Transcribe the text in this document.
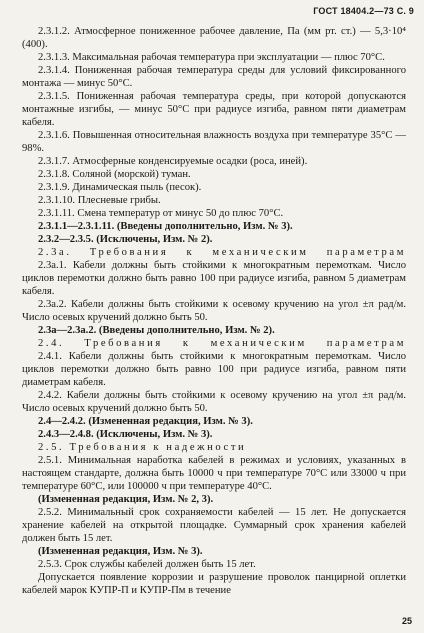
ГОСТ 18404.2—73 С. 9

2.3.1.2. Атмосферное пониженное рабочее давление, Па (мм рт. ст.) — 5,3·10⁴ (400).

2.3.1.3. Максимальная рабочая температура при эксплуатации — плюс 70°С.

2.3.1.4. Пониженная рабочая температура среды для условий фиксированного монтажа — минус 50°С.

2.3.1.5. Пониженная рабочая температура среды, при которой допускаются монтажные изгибы, — минус 50°С при радиусе изгиба, равном пяти диаметрам кабеля.

2.3.1.6. Повышенная относительная влажность воздуха при температуре 35°С — 98%.

2.3.1.7. Атмосферные конденсируемые осадки (роса, иней).

2.3.1.8. Соляной (морской) туман.

2.3.1.9. Динамическая пыль (песок).

2.3.1.10. Плесневые грибы.

2.3.1.11. Смена температур от минус 50 до плюс 70°С.

2.3.1.1—2.3.1.11. (Введены дополнительно, Изм. № 3).

2.3.2—2.3.5. (Исключены, Изм. № 2).

2.3а. Требования к механическим параметрам

2.3а.1. Кабели должны быть стойкими к многократным перемоткам. Число циклов перемотки должно быть равно 100 при радиусе изгиба, равном 5 диаметрам кабеля.

2.3а.2. Кабели должны быть стойкими к осевому кручению на угол ±π рад/м. Число осевых кручений должно быть 50.

2.3а—2.3а.2. (Введены дополнительно, Изм. № 2).

2.4. Требования к механическим параметрам

2.4.1. Кабели должны быть стойкими к многократным перемоткам. Число циклов перемотки должно быть равно 100 при радиусе изгиба, равном пяти диаметрам кабеля.

2.4.2. Кабели должны быть стойкими к осевому кручению на угол ±π рад/м. Число осевых кручений должно быть 50.

2.4—2.4.2. (Измененная редакция, Изм. № 3).

2.4.3—2.4.8. (Исключены, Изм. № 3).

2.5. Требования к надежности

2.5.1. Минимальная наработка кабелей в режимах и условиях, указанных в настоящем стандарте, должна быть 10000 ч при температуре 70°С или 33000 ч при температуре 60°С, или 100000 ч при температуре 40°С.

(Измененная редакция, Изм. № 2, 3).

2.5.2. Минимальный срок сохраняемости кабелей — 15 лет. Не допускается хранение кабелей на открытой площадке. Суммарный срок хранения кабелей должен быть 15 лет.

(Измененная редакция, Изм. № 3).

2.5.3. Срок службы кабелей должен быть 15 лет.

Допускается появление коррозии и разрушение проволок панцирной оплетки кабелей марок КУПР-П и КУПР-Пм в течение

25
